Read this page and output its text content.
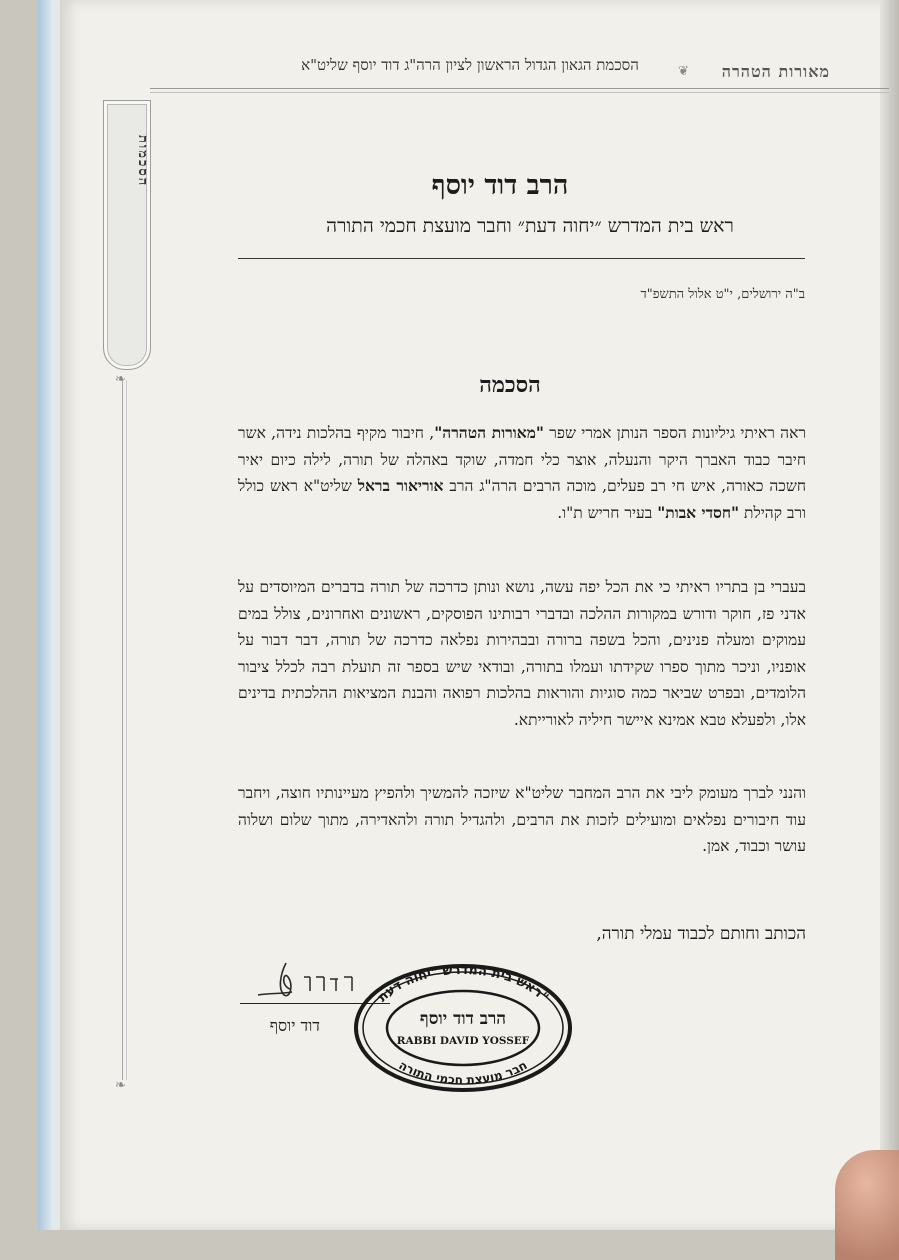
הסכמת הגאון הגדול הראשון לציון הרה"ג דוד יוסף שליט"א	❦	מאורות הטהרה
הסכמות
❧
❧
הרב דוד יוסף
ראש בית המדרש ״יחוה דעת״ וחבר מועצת חכמי התורה
ב"ה ירושלים, י"ט אלול התשפ"ד
הסכמה
ראה ראיתי גיליונות הספר הנותן אמרי שפר "מאורות הטהרה", חיבור מקיף בהלכות נידה, אשר חיבר כבוד האברך היקר והנעלה, אוצר כלי חמדה, שוקד באהלה של תורה, לילה כיום יאיר חשכה כאורה, איש חי רב פעלים, מוכה הרבים הרה"ג הרב אוריאור בראל שליט"א ראש כולל ורב קהילת "חסדי אבות" בעיר חריש ת"ו.
בעברי בן בתריו ראיתי כי את הכל יפה עשה, נושא ונותן כדרכה של תורה בדברים המיוסדים על אדני פז, חוקר ודורש במקורות ההלכה ובדברי רבותינו הפוסקים, ראשונים ואחרונים, צולל במים עמוקים ומעלה פנינים, והכל בשפה ברורה ובבהירות נפלאה כדרכה של תורה, דבר דבור על אופניו, וניכר מתוך ספרו שקידתו ועמלו בתורה, ובודאי שיש בספר זה תועלת רבה לכלל ציבור הלומדים, ובפרט שביאר כמה סוגיות והוראות בהלכות רפואה והבנת המציאות ההלכתית בדינים אלו, ולפעלא טבא אמינא איישר חיליה לאורייתא.
והנני לברך מעומק ליבי את הרב המחבר שליט"א שיזכה להמשיך ולהפיץ מעיינותיו חוצה, ויחבר עוד חיבורים נפלאים ומועילים לזכות את הרבים, ולהגדיל תורה ולהאדירה, מתוך שלום ושלוה עושר וכבוד, אמן.
הכותב וחותם לכבוד עמלי תורה,
דוד יוסף
ראש בית המדרש "יחוה דעת"
חבר מועצת חכמי התורה
הרב דוד יוסף
RABBI DAVID YOSSEF
